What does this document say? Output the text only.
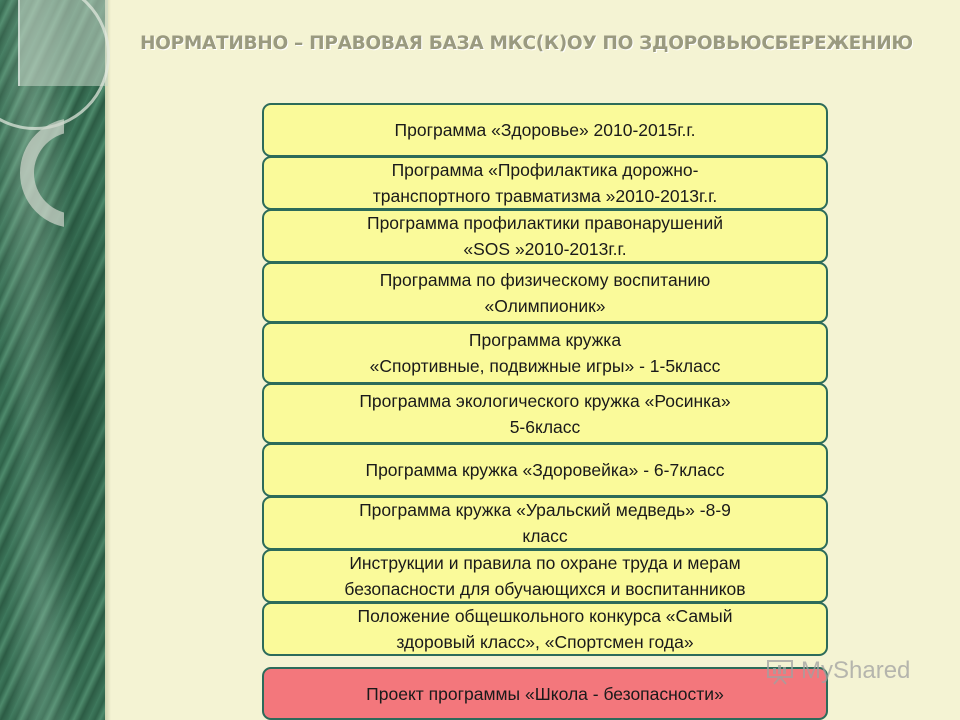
НОРМАТИВНО – ПРАВОВАЯ БАЗА МКС(К)ОУ ПО ЗДОРОВЬЮСБЕРЕЖЕНИЮ
Программа «Здоровье» 2010-2015г.г.
Программа «Профилактика дорожно-
транспортного травматизма »2010-2013г.г.
Программа профилактики правонарушений
«SOS »2010-2013г.г.
Программа по физическому воспитанию
«Олимпионик»
Программа кружка
«Спортивные, подвижные игры» - 1-5класс
Программа экологического кружка «Росинка»
5-6класс
Программа кружка «Здоровейка» - 6-7класс
Программа кружка «Уральский медведь» -8-9
класс
Инструкции и правила по охране труда и мерам
безопасности для обучающихся и воспитанников
Положение общешкольного конкурса «Самый
здоровый класс», «Спортсмен года»
Проект программы «Школа - безопасности»
MyShared
